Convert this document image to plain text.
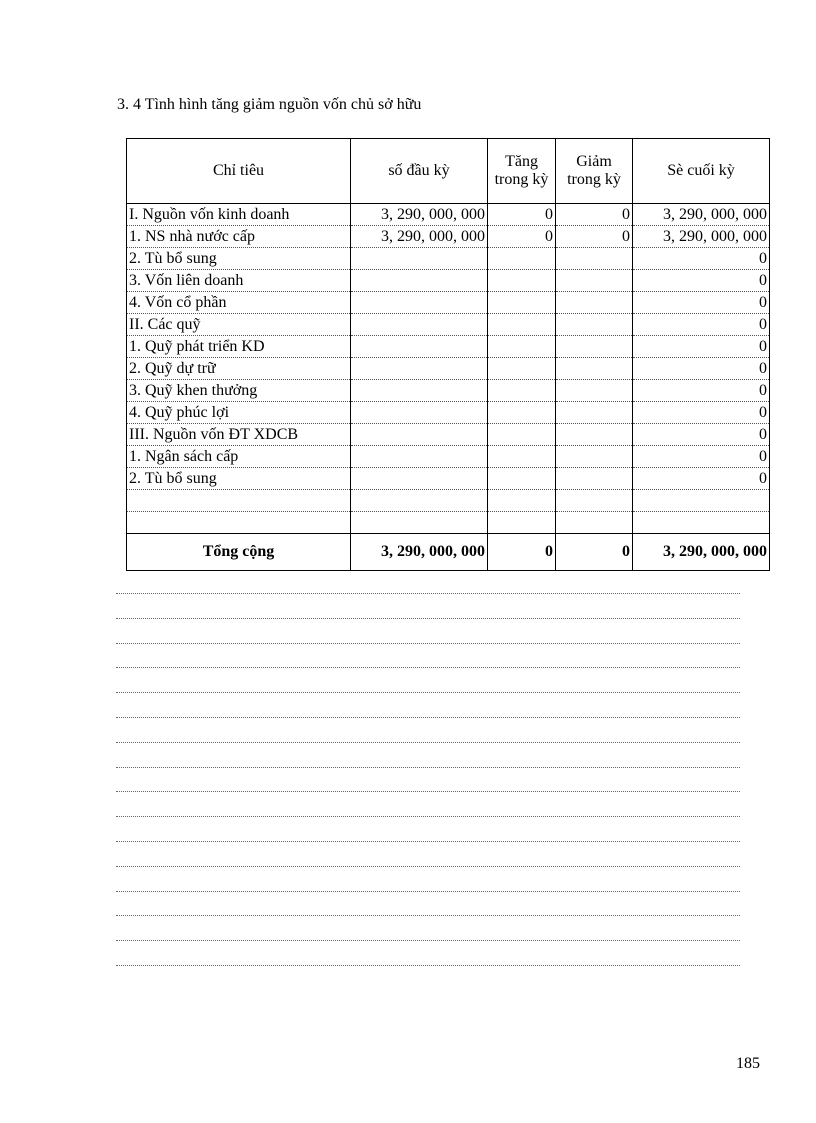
3. 4 Tình hình tăng giảm nguồn vốn chủ sở hữu
Chỉ tiêu	số đầu kỳ	Tăng trong kỳ	Giảm trong kỳ	Sè cuối kỳ
I. Nguồn vốn kinh doanh	3, 290, 000, 000	0	0	3, 290, 000, 000
1. NS nhà nước cấp	3, 290, 000, 000	0	0	3, 290, 000, 000
2. Tù bổ sung				0
3. Vốn liên doanh				0
4. Vốn cổ phần				0
II. Các quỹ				0
1. Quỹ phát triển KD				0
2. Quỹ dự trữ				0
3. Quỹ khen thưởng				0
4. Quỹ phúc lợi				0
III. Nguồn vốn ĐT XDCB				0
1. Ngân sách cấp				0
2. Tù bổ sung				0

Tổng cộng	3, 290, 000, 000	0	0	3, 290, 000, 000
185
